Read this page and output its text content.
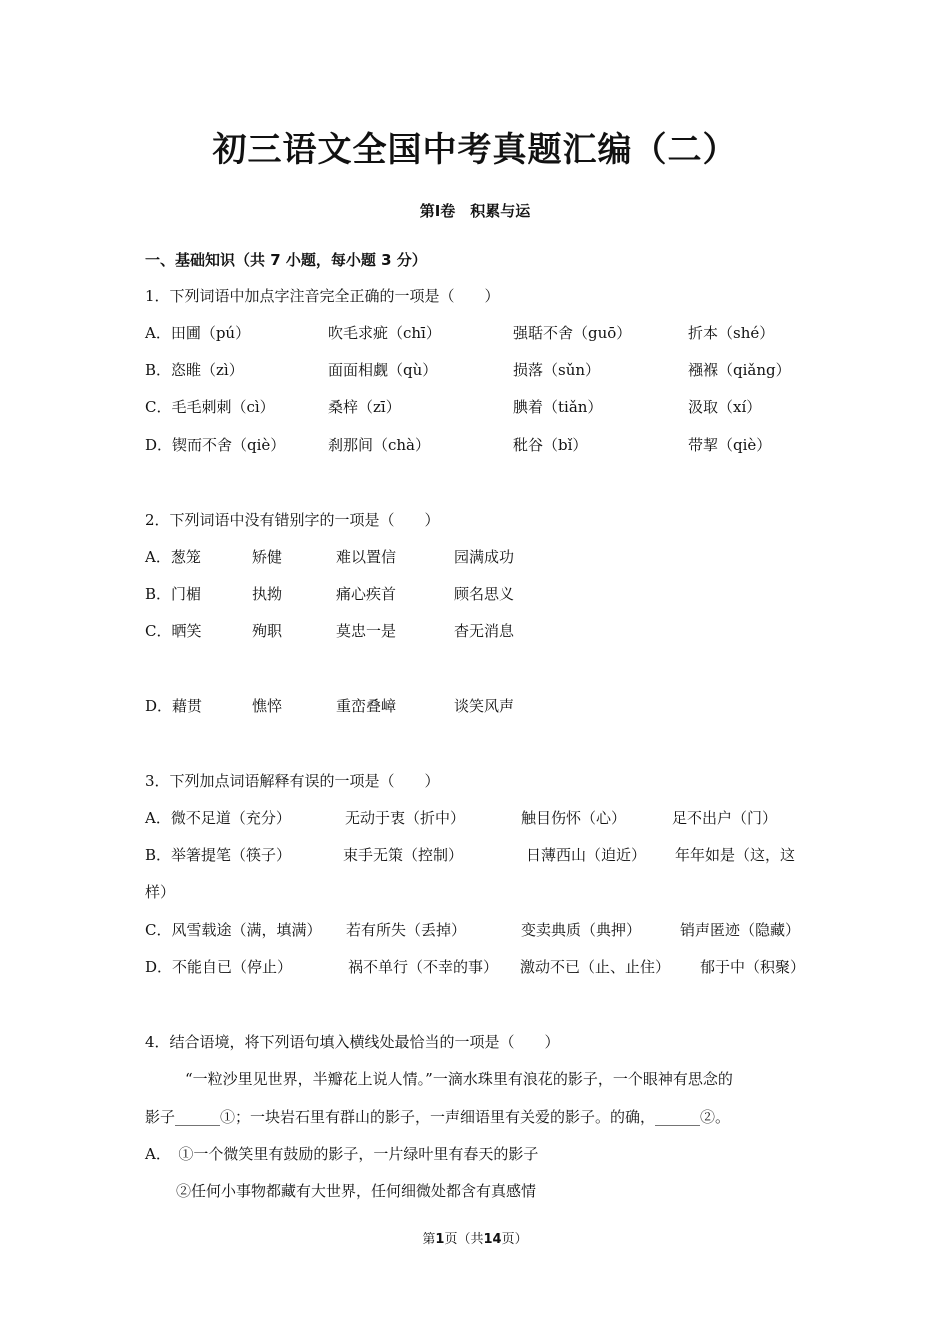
初三语文全国中考真题汇编（二）
第Ⅰ卷　积累与运
一、基础知识（共 7 小题，每小题 3 分）
1．下列词语中加点字注音完全正确的一项是（　　）
A．田圃（pú）	吹毛求疵（chī）	强聒不舍（guō）	折本（shé）
B．恣睢（zì）	面面相觑（qù）	损落（sǔn）	襁褓（qiǎng）
C．毛毛刺刺（cì）	桑梓（zī）	腆着（tiǎn）	汲取（xí）
D．锲而不舍（qiè）	刹那间（chà）	秕谷（bǐ）	带挈（qiè）
2．下列词语中没有错别字的一项是（　　）
A．葱笼	矫健	难以置信	园满成功
B．门楣	执拗	痛心疾首	顾名思义
C．晒笑	殉职	莫忠一是	杳无消息
D．藉贯	憔悴	重峦叠嶂	谈笑风声
3．下列加点词语解释有误的一项是（　　）
A．微不足道（充分）	无动于衷（折中）	触目伤怀（心）	足不出户（门）
B．举箸提笔（筷子）	束手无策（控制）	日薄西山（迫近） 年年如是（这，这
样）
C．风雪载途（满，填满） 若有所失（丢掉）	变卖典质（典押）	销声匿迹（隐藏）
D．不能自已（停止）	祸不单行（不幸的事） 激动不已（止、止住） 郁于中（积聚）
4．结合语境，将下列语句填入横线处最恰当的一项是（　　）
“一粒沙里见世界，半瓣花上说人情。”一滴水珠里有浪花的影子，一个眼神有思念的
影子______①；一块岩石里有群山的影子，一声细语里有关爱的影子。的确，______②。
A．　①一个微笑里有鼓励的影子，一片绿叶里有春天的影子
②任何小事物都藏有大世界，任何细微处都含有真感情
第1页（共14页）
